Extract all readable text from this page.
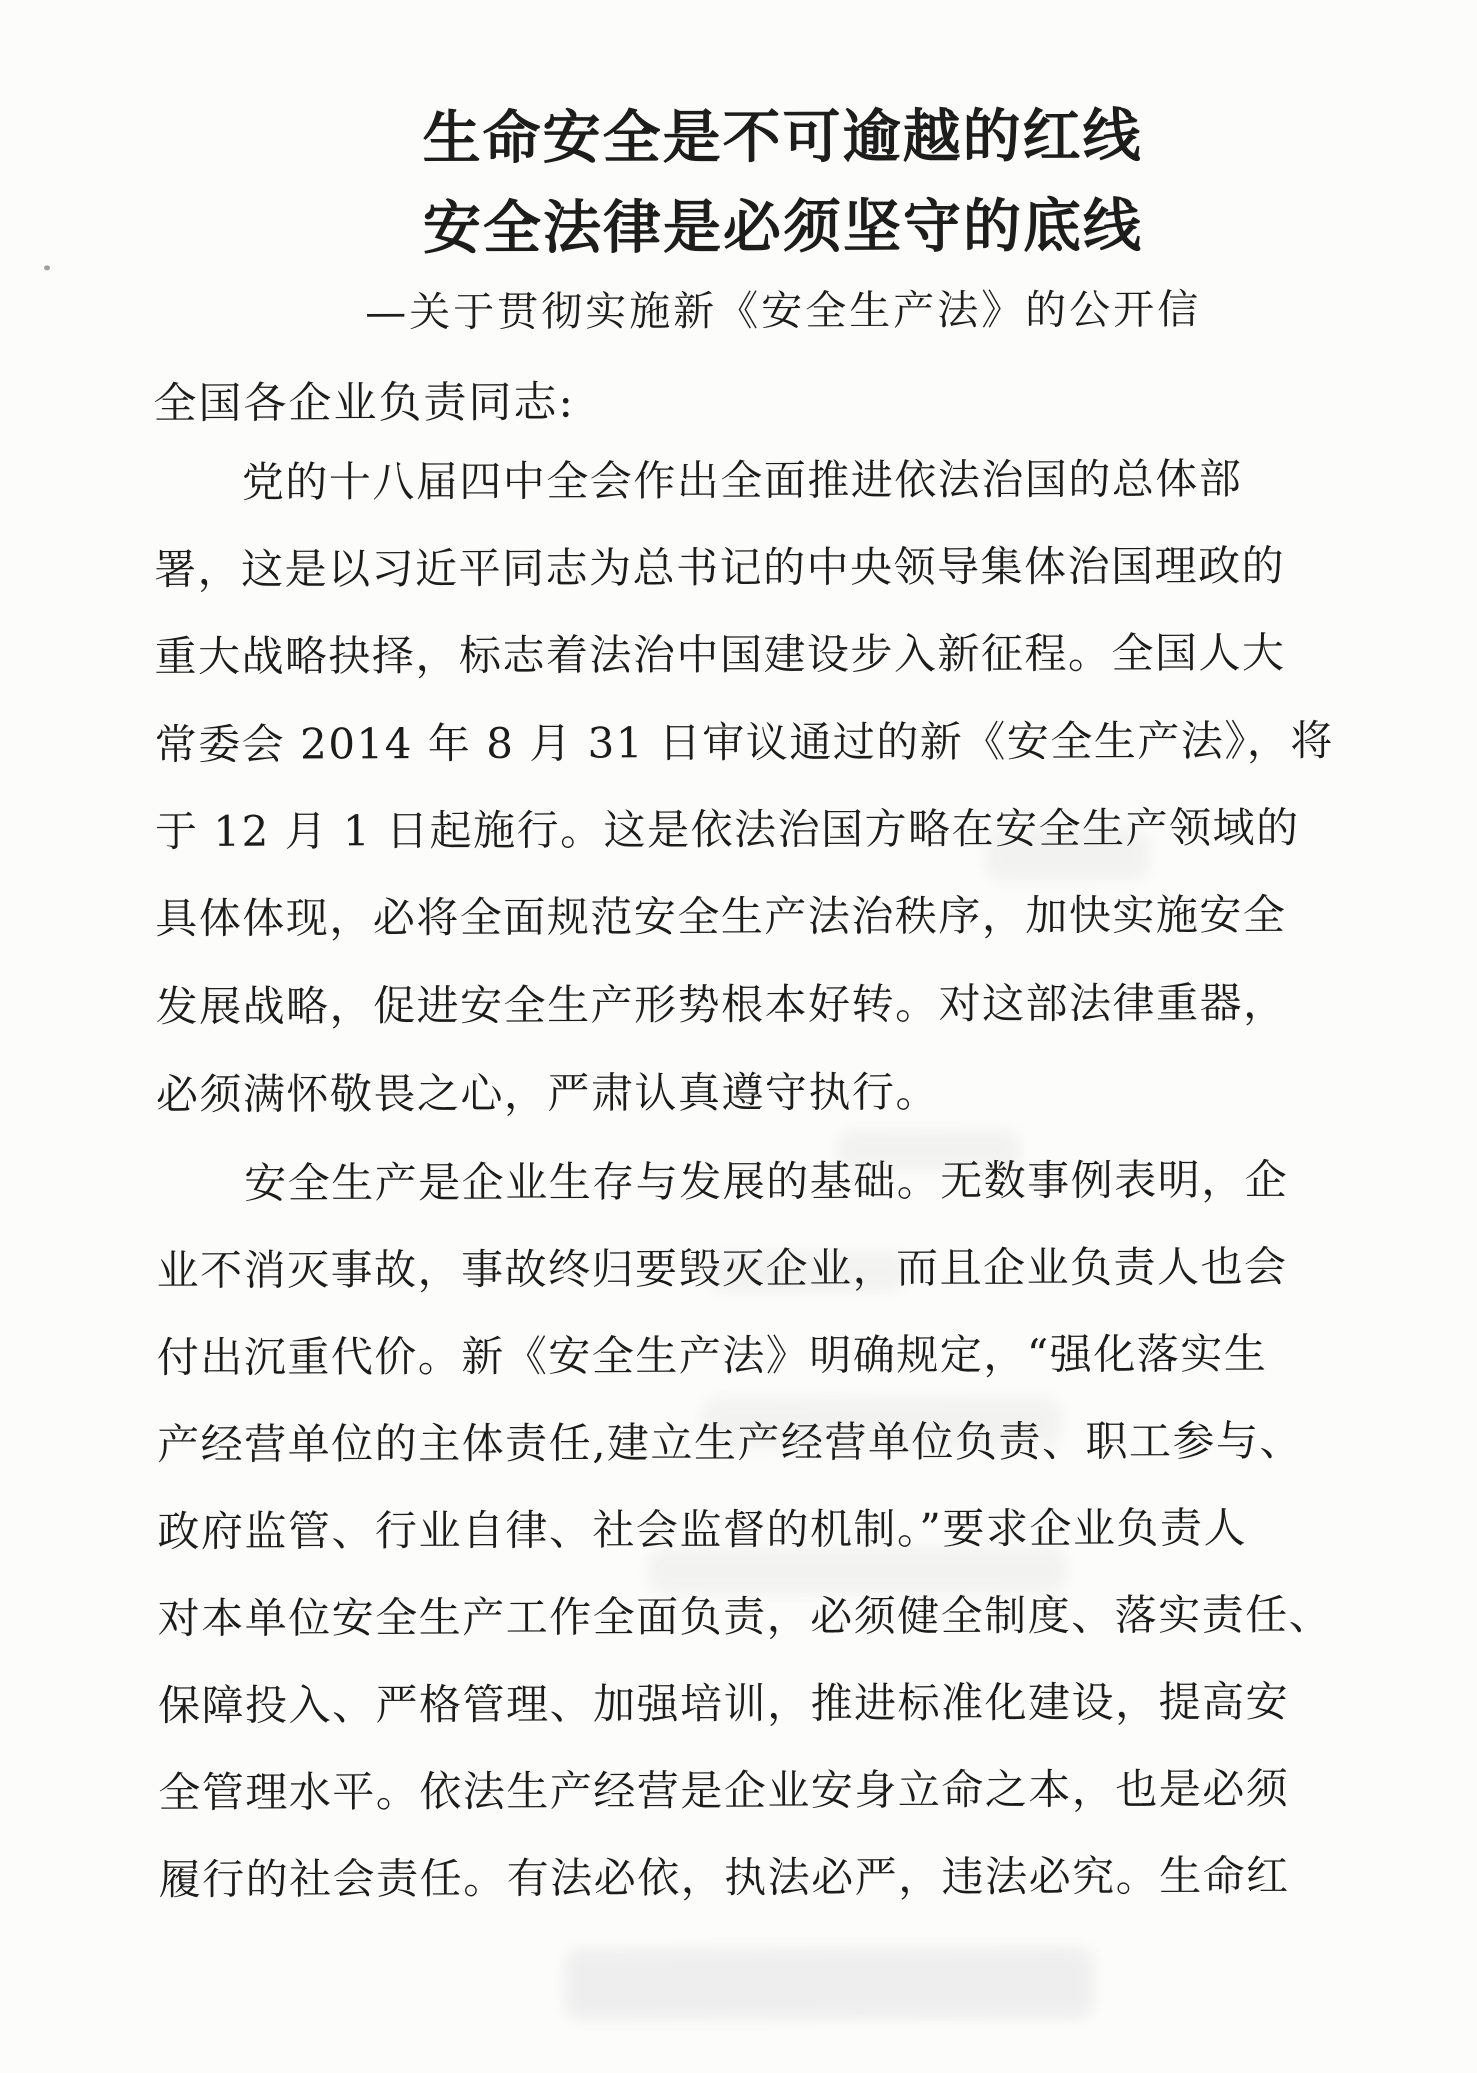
生命安全是不可逾越的红线
安全法律是必须坚守的底线
—关于贯彻实施新《安全生产法》的公开信
全国各企业负责同志:
党的十八届四中全会作出全面推进依法治国的总体部
署，这是以习近平同志为总书记的中央领导集体治国理政的
重大战略抉择，标志着法治中国建设步入新征程。全国人大
常委会 2014 年 8 月 31 日审议通过的新《安全生产法》，将
于 12 月 1 日起施行。这是依法治国方略在安全生产领域的
具体体现，必将全面规范安全生产法治秩序，加快实施安全
发展战略，促进安全生产形势根本好转。对这部法律重器，
必须满怀敬畏之心，严肃认真遵守执行。
安全生产是企业生存与发展的基础。无数事例表明，企
业不消灭事故，事故终归要毁灭企业，而且企业负责人也会
付出沉重代价。新《安全生产法》明确规定，“强化落实生
产经营单位的主体责任,建立生产经营单位负责、职工参与、
政府监管、行业自律、社会监督的机制。”要求企业负责人
对本单位安全生产工作全面负责，必须健全制度、落实责任、
保障投入、严格管理、加强培训，推进标准化建设，提高安
全管理水平。依法生产经营是企业安身立命之本，也是必须
履行的社会责任。有法必依，执法必严，违法必究。生命红
